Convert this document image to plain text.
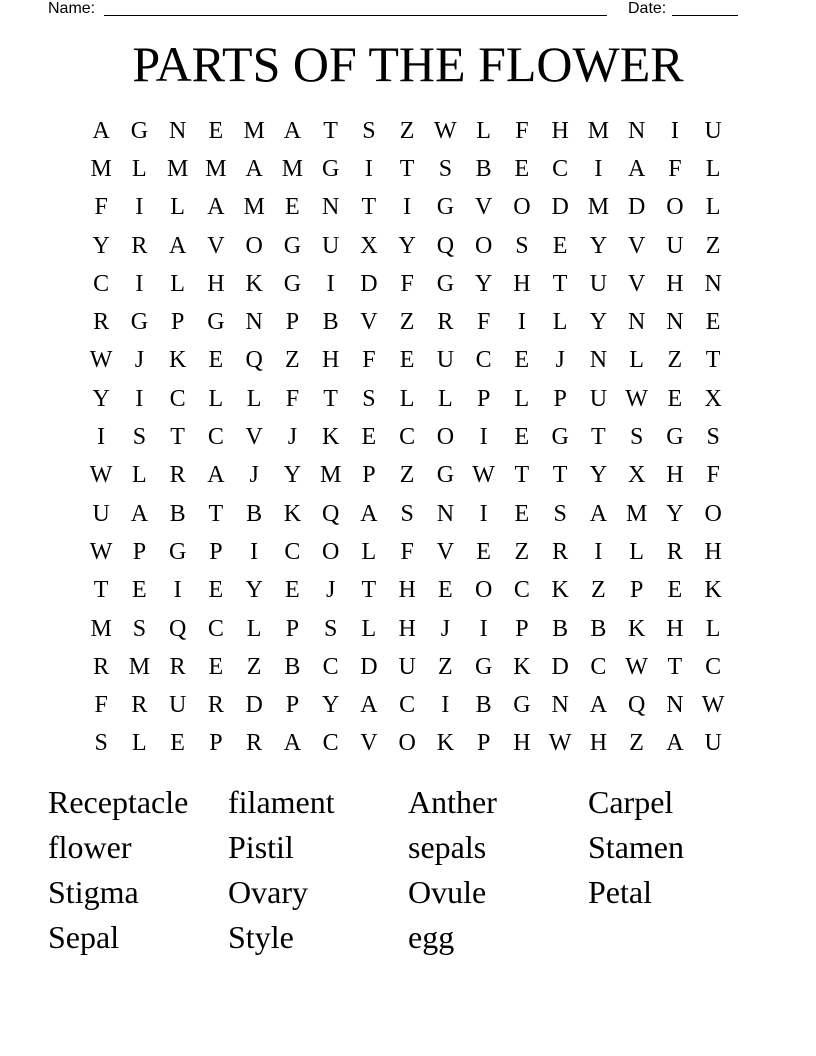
Name:	Date:
PARTS OF THE FLOWER
A G N E M A T	S	Z W L	F H M N	I	U
M L M M A M G	I	T	S B E C	I	A F	L
F	I	L A M E N T	I	G V O D M D O L
Y R A V O G U X Y Q O S	E Y V U Z
C	I	L H K G	I	D F G Y H T U V H N
R G P G N P B V Z R F	I	L Y N N E
W J	K E Q Z H F	E U C E	J	N L Z T
Y	I	C L L	F	T	S	L L	P	L	P U W E X
I	S	T C V	J	K E C O	I	E G T	S G S
W L R A	J	Y M P	Z G W T T Y X H F
U A B T B K Q A S N	I	E	S A M Y O
W P G P	I	C O L	F V E Z R	I	L R H
T E	I	E Y E	J	T H E O C K Z	P	E K
M S Q C L	P	S	L H	J	I	P B B K H L
R M R E Z B C D U Z G K D C W T C
F R U R D P Y A C	I	B G N A Q N W
S	L E	P R A C V O K P H W H Z A U
Receptacle	filament	Anther	Carpel
flower	Pistil	sepals	Stamen
Stigma	Ovary	Ovule	Petal
Sepal	Style	egg
